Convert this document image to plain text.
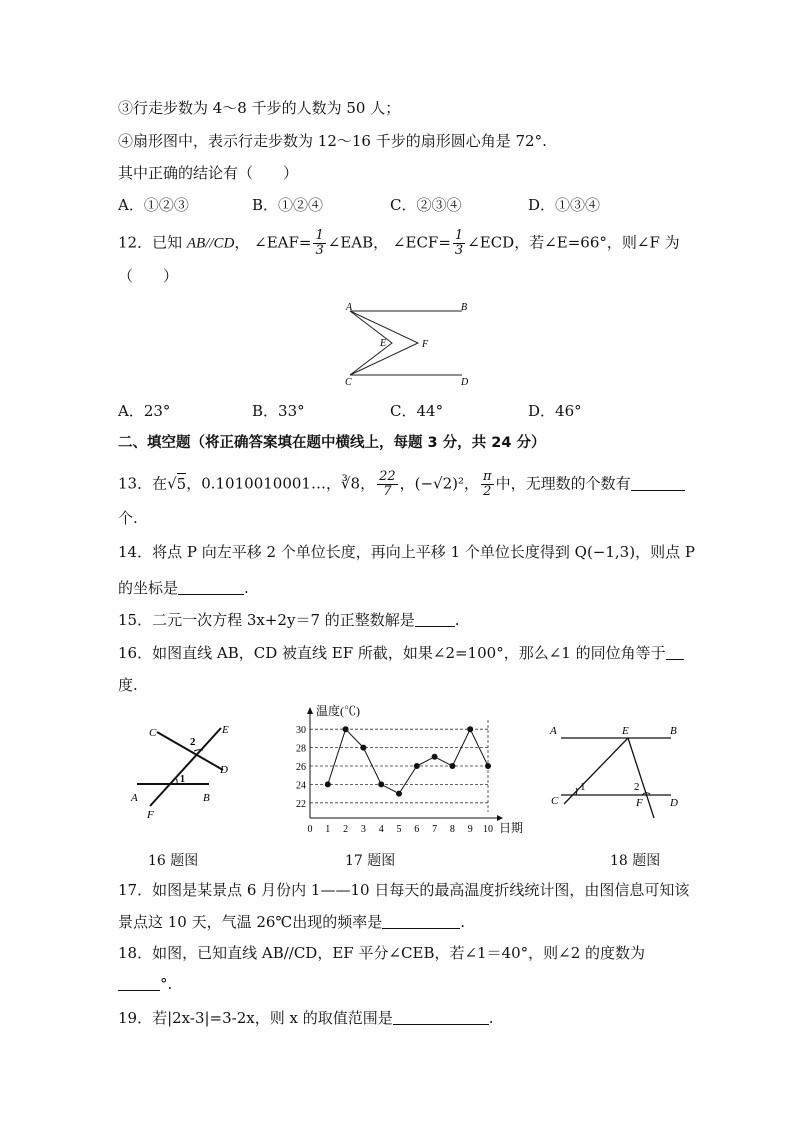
③行走步数为 4～8 千步的人数为 50 人；
④扇形图中，表示行走步数为 12～16 千步的扇形圆心角是 72°.
其中正确的结论有（　　）
A．①②③	B．①②④	C．②③④	D．①③④
12．已知 AB//CD， ∠EAF= $\frac{1}{3}$ ∠EAB， ∠ECF= $\frac{1}{3}$ ∠ECD，若∠E=66°，则∠F 为
（　　）
A	B
E	F
C	D
A．23°	B．33°	C．44°	D．46°
二、填空题（将正确答案填在题中横线上，每题 3 分，共 24 分）
13．在√5，0.1010010001…，∛8， $\frac{22}{7}$ ，(−√2)²， $\frac{\pi}{2}$ 中，无理数的个数有
个.
14．将点 P 向左平移 2 个单位长度，再向上平移 1 个单位长度得到 Q(−1,3)，则点 P
的坐标是	.
15．二元一次方程 3x+2y＝7 的正整数解是	.
16．如图直线 AB，CD 被直线 EF 所截，如果∠2=100°，那么∠1 的同位角等于
度.
C
2
E
D
1
A	B
F
16 题图
温度(℃)
日期
22
24
26
28
30
0 1 2 3 4 5 6 7 8 9 10
17 题图
A	E	B
1	2
C	F D
18 题图
17．如图是某景点 6 月份内 1——10 日每天的最高温度折线统计图，由图信息可知该
景点这 10 天，气温 26℃出现的频率是	.
18．如图，已知直线 AB//CD，EF 平分∠CEB，若∠1＝40°，则∠2 的度数为
°.
19．若|2x-3|=3-2x，则 x 的取值范围是	.
